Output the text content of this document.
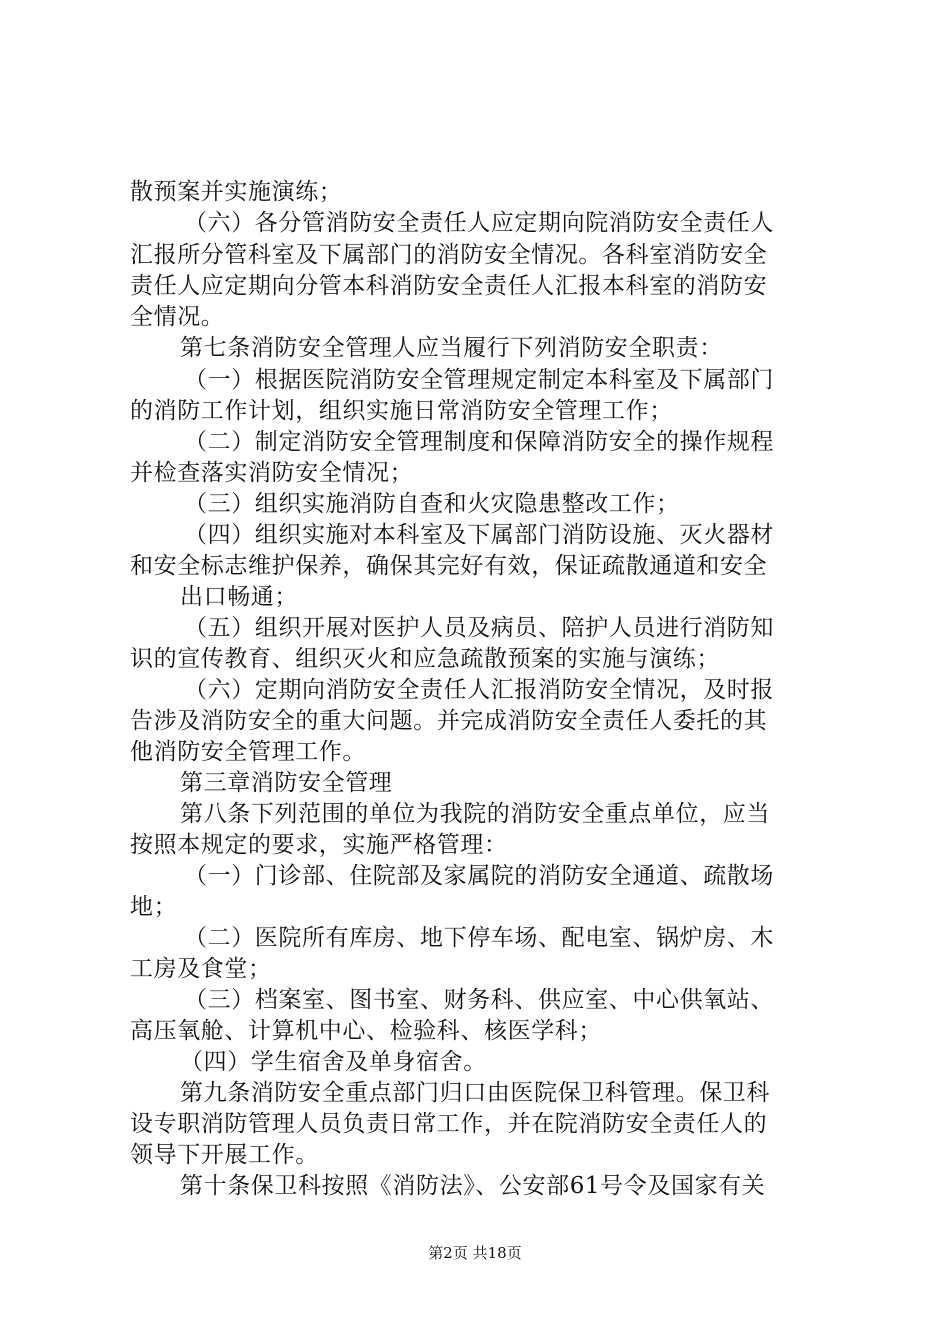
散预案并实施演练；
（六）各分管消防安全责任人应定期向院消防安全责任人
汇报所分管科室及下属部门的消防安全情况。各科室消防安全
责任人应定期向分管本科消防安全责任人汇报本科室的消防安
全情况。
第七条消防安全管理人应当履行下列消防安全职责：
（一）根据医院消防安全管理规定制定本科室及下属部门
的消防工作计划，组织实施日常消防安全管理工作；
（二）制定消防安全管理制度和保障消防安全的操作规程
并检查落实消防安全情况；
（三）组织实施消防自查和火灾隐患整改工作；
（四）组织实施对本科室及下属部门消防设施、灭火器材
和安全标志维护保养，确保其完好有效，保证疏散通道和安全
出口畅通；
（五）组织开展对医护人员及病员、陪护人员进行消防知
识的宣传教育、组织灭火和应急疏散预案的实施与演练；
（六）定期向消防安全责任人汇报消防安全情况，及时报
告涉及消防安全的重大问题。并完成消防安全责任人委托的其
他消防安全管理工作。
第三章消防安全管理
第八条下列范围的单位为我院的消防安全重点单位，应当
按照本规定的要求，实施严格管理：
（一）门诊部、住院部及家属院的消防安全通道、疏散场
地；
（二）医院所有库房、地下停车场、配电室、锅炉房、木
工房及食堂；
（三）档案室、图书室、财务科、供应室、中心供氧站、
高压氧舱、计算机中心、检验科、核医学科；
（四）学生宿舍及单身宿舍。
第九条消防安全重点部门归口由医院保卫科管理。保卫科
设专职消防管理人员负责日常工作，并在院消防安全责任人的
领导下开展工作。
第十条保卫科按照《消防法》、公安部61号令及国家有关
第2页 共18页
